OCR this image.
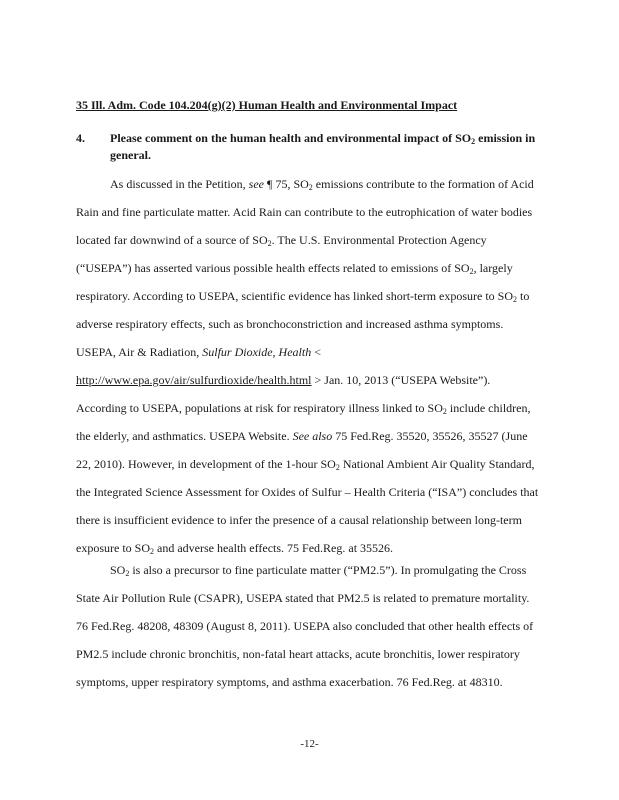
35 Ill. Adm. Code 104.204(g)(2) Human Health and Environmental Impact
4. Please comment on the human health and environmental impact of $SO_2$ emission in general.

As discussed in the Petition, see ¶ 75, $SO_2$ emissions contribute to the formation of Acid Rain and fine particulate matter. Acid Rain can contribute to the eutrophication of water bodies located far downwind of a source of $SO_2$. The U.S. Environmental Protection Agency (“USEPA”) has asserted various possible health effects related to emissions of $SO_2$, largely respiratory. According to USEPA, scientific evidence has linked short-term exposure to $SO_2$ to adverse respiratory effects, such as bronchoconstriction and increased asthma symptoms. USEPA, Air & Radiation, Sulfur Dioxide, Health < http://www.epa.gov/air/sulfurdioxide/health.html > Jan. 10, 2013 (“USEPA Website”). According to USEPA, populations at risk for respiratory illness linked to $SO_2$ include children, the elderly, and asthmatics. USEPA Website. See also 75 Fed.Reg. 35520, 35526, 35527 (June 22, 2010). However, in development of the 1-hour $SO_2$ National Ambient Air Quality Standard, the Integrated Science Assessment for Oxides of Sulfur – Health Criteria (“ISA”) concludes that there is insufficient evidence to infer the presence of a causal relationship between long-term exposure to $SO_2$ and adverse health effects. 75 Fed.Reg. at 35526.

$SO_2$ is also a precursor to fine particulate matter (“PM2.5”). In promulgating the Cross State Air Pollution Rule (CSAPR), USEPA stated that PM2.5 is related to premature mortality. 76 Fed.Reg. 48208, 48309 (August 8, 2011). USEPA also concluded that other health effects of PM2.5 include chronic bronchitis, non-fatal heart attacks, acute bronchitis, lower respiratory symptoms, upper respiratory symptoms, and asthma exacerbation. 76 Fed.Reg. at 48310.

-12-
